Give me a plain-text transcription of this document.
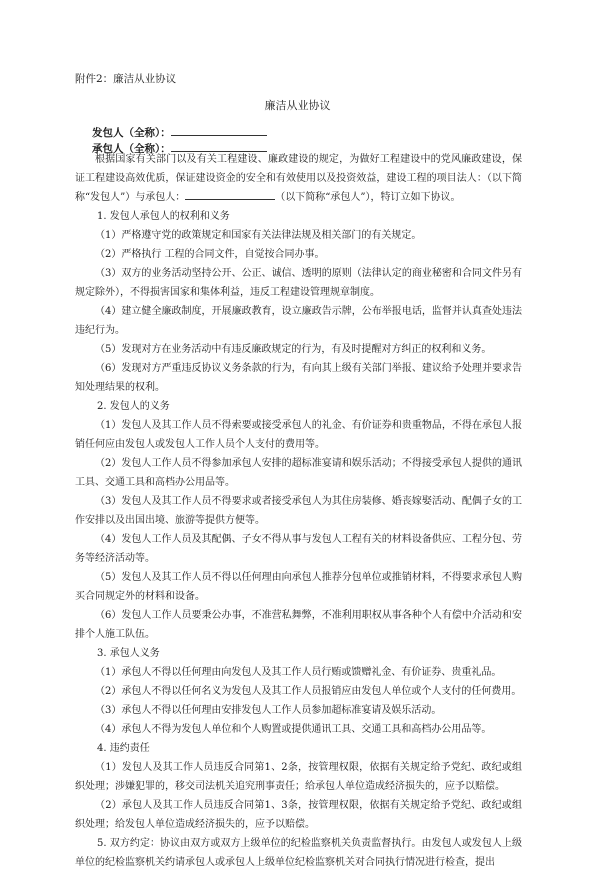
附件2：廉洁从业协议
廉洁从业协议
发包人（全称）：
承包人（全称）：

根据国家有关部门以及有关工程建设、廉政建设的规定，为做好工程建设中的党风廉政建设，保证工程建设高效优质，保证建设资金的安全和有效使用以及投资效益，建设工程的项目法人：（以下简称“发包人”）与承包人：	（以下简称“承包人”），特订立如下协议。

1. 发包人承包人的权利和义务

（1）严格遵守党的政策规定和国家有关法律法规及相关部门的有关规定。

（2）严格执行 工程的合同文件，自觉按合同办事。

（3）双方的业务活动坚持公开、公正、诚信、透明的原则（法律认定的商业秘密和合同文件另有规定除外），不得损害国家和集体利益，违反工程建设管理规章制度。

（4）建立健全廉政制度，开展廉政教育，设立廉政告示牌，公布举报电话，监督并认真查处违法违纪行为。

（5）发现对方在业务活动中有违反廉政规定的行为，有及时提醒对方纠正的权利和义务。

（6）发现对方严重违反协议义务条款的行为，有向其上级有关部门举报、建议给予处理并要求告知处理结果的权利。

2. 发包人的义务

（1）发包人及其工作人员不得索要或接受承包人的礼金、有价证券和贵重物品，不得在承包人报销任何应由发包人或发包人工作人员个人支付的费用等。

（2）发包人工作人员不得参加承包人安排的超标准宴请和娱乐活动；不得接受承包人提供的通讯工具、交通工具和高档办公用品等。

（3）发包人及其工作人员不得要求或者接受承包人为其住房装修、婚丧嫁娶活动、配偶子女的工作安排以及出国出境、旅游等提供方便等。

（4）发包人工作人员及其配偶、子女不得从事与发包人工程有关的材料设备供应、工程分包、劳务等经济活动等。

（5）发包人及其工作人员不得以任何理由向承包人推荐分包单位或推销材料，不得要求承包人购买合同规定外的材料和设备。

（6）发包人工作人员要秉公办事，不准营私舞弊，不准利用职权从事各种个人有偿中介活动和安排个人施工队伍。

3. 承包人义务

（1）承包人不得以任何理由向发包人及其工作人员行贿或馈赠礼金、有价证券、贵重礼品。

（2）承包人不得以任何名义为发包人及其工作人员报销应由发包人单位或个人支付的任何费用。

（3）承包人不得以任何理由安排发包人工作人员参加超标准宴请及娱乐活动。

（4）承包人不得为发包人单位和个人购置或提供通讯工具、交通工具和高档办公用品等。

4. 违约责任

（1）发包人及其工作人员违反合同第1、2条，按管理权限，依据有关规定给予党纪、政纪或组织处理；涉嫌犯罪的，移交司法机关追究刑事责任；给承包人单位造成经济损失的，应予以赔偿。

（2）承包人及其工作人员违反合同第1、3条，按管理权限，依据有关规定给予党纪、政纪或组织处理；给发包人单位造成经济损失的，应予以赔偿。

5. 双方约定：协议由双方或双方上级单位的纪检监察机关负责监督执行。由发包人或发包人上级单位的纪检监察机关约请承包人或承包人上级单位纪检监察机关对合同执行情况进行检查，提出
